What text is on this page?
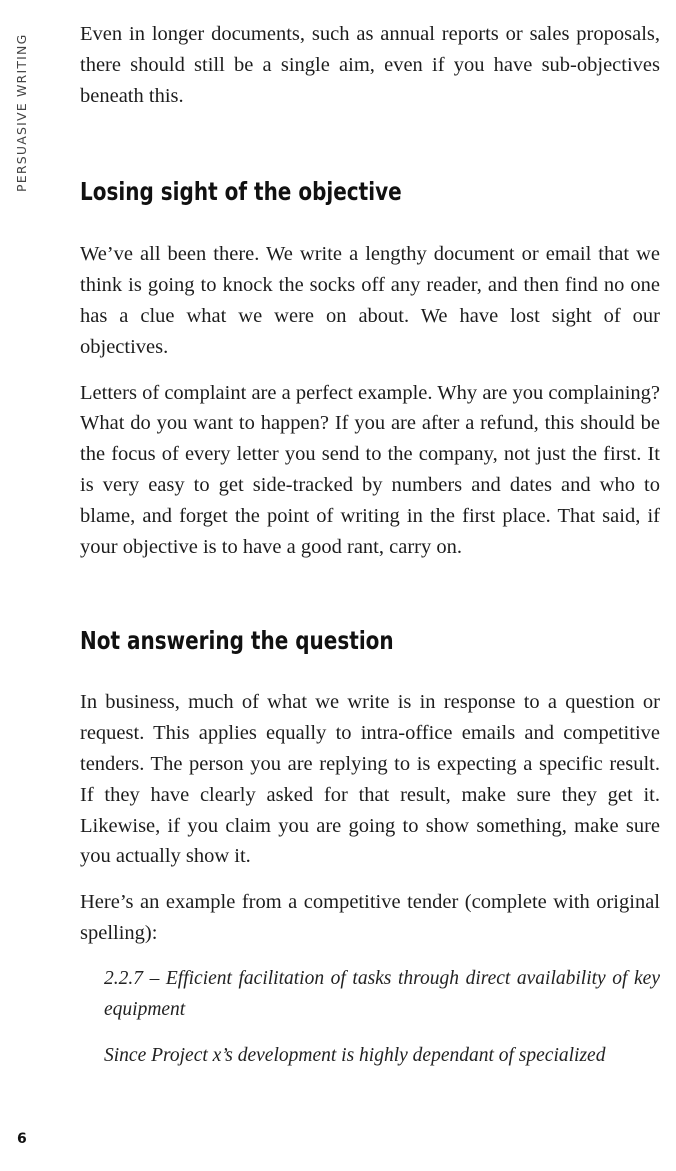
PERSUASIVE WRITING Even in longer documents, such as annual reports or sales proposals, there should still be a single aim, even if you have sub-objectives beneath this.

Losing sight of the objective

We’ve all been there. We write a lengthy document or email that we think is going to knock the socks off any reader, and then find no one has a clue what we were on about. We have lost sight of our objectives.

Letters of complaint are a perfect example. Why are you complaining? What do you want to happen? If you are after a refund, this should be the focus of every letter you send to the company, not just the first. It is very easy to get side-tracked by numbers and dates and who to blame, and forget the point of writing in the first place. That said, if your objective is to have a good rant, carry on.

Not answering the question

In business, much of what we write is in response to a question or request. This applies equally to intra-office emails and competitive tenders. The person you are replying to is expecting a specific result. If they have clearly asked for that result, make sure they get it. Likewise, if you claim you are going to show something, make sure you actually show it.

Here’s an example from a competitive tender (complete with original spelling):

2.2.7 – Efficient facilitation of tasks through direct availability of key equipment

Since Project x’s development is highly dependant of specialized

6
